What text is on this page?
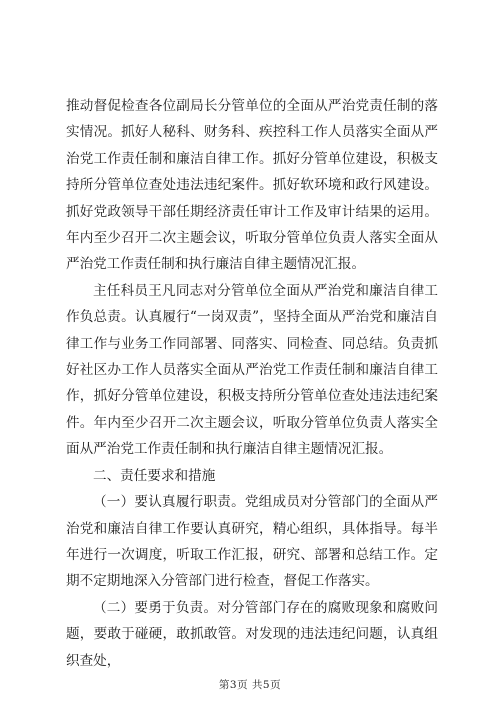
推动督促检查各位副局长分管单位的全面从严治党责任制的落实情况。抓好人秘科、财务科、疾控科工作人员落实全面从严治党工作责任制和廉洁自律工作。抓好分管单位建设，积极支持所分管单位查处违法违纪案件。抓好软环境和政行风建设。抓好党政领导干部任期经济责任审计工作及审计结果的运用。年内至少召开二次主题会议，听取分管单位负责人落实全面从严治党工作责任制和执行廉洁自律主题情况汇报。

主任科员王凡同志对分管单位全面从严治党和廉洁自律工作负总责。认真履行“一岗双责”，坚持全面从严治党和廉洁自律工作与业务工作同部署、同落实、同检查、同总结。负责抓好社区办工作人员落实全面从严治党工作责任制和廉洁自律工作，抓好分管单位建设，积极支持所分管单位查处违法违纪案件。年内至少召开二次主题会议，听取分管单位负责人落实全面从严治党工作责任制和执行廉洁自律主题情况汇报。

二、责任要求和措施

（一）要认真履行职责。党组成员对分管部门的全面从严治党和廉洁自律工作要认真研究，精心组织，具体指导。每半年进行一次调度，听取工作汇报，研究、部署和总结工作。定期不定期地深入分管部门进行检查，督促工作落实。

（二）要勇于负责。对分管部门存在的腐败现象和腐败问题，要敢于碰硬，敢抓敢管。对发现的违法违纪问题，认真组织查处，

第3页 共5页
